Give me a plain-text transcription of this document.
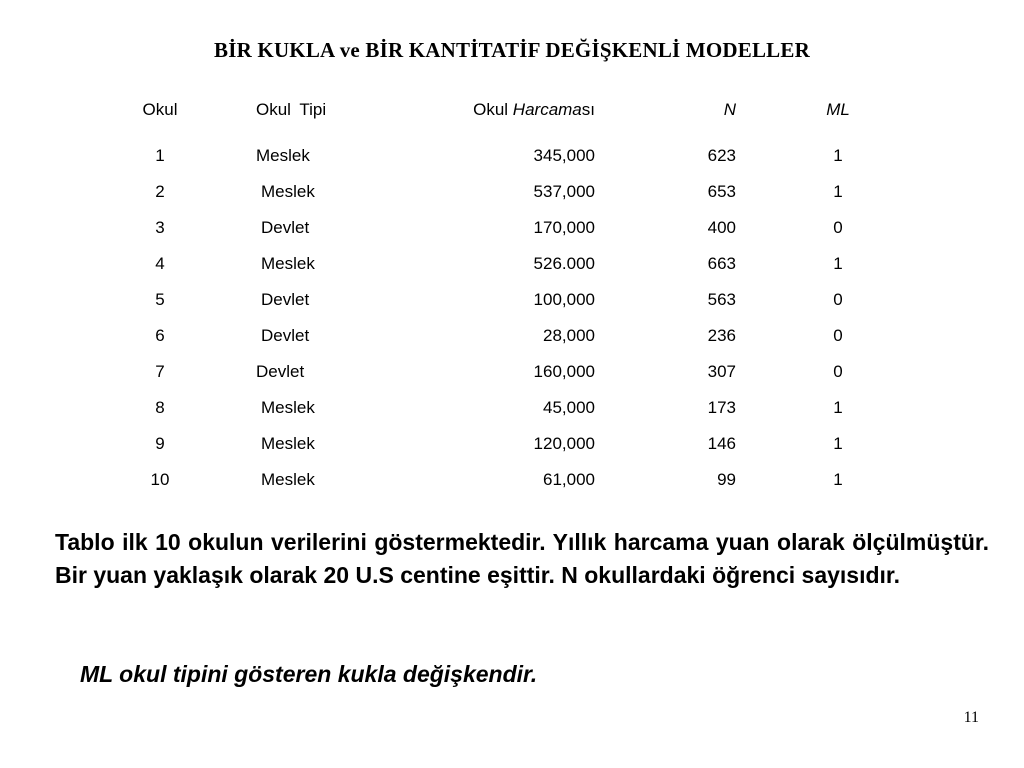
BİR KUKLA ve BİR KANTİTATİF DEĞİŞKENLİ MODELLER
Okul	Okul Tipi	Okul Harcaması	N	ML
1	Meslek	345,000	623	1
2	Meslek	537,000	653	1
3	Devlet	170,000	400	0
4	Meslek	526.000	663	1
5	Devlet	100,000	563	0
6	Devlet	28,000	236	0
7	Devlet	160,000	307	0
8	Meslek	45,000	173	1
9	Meslek	120,000	146	1
10	Meslek	61,000	99	1
Tablo ilk 10 okulun verilerini göstermektedir. Yıllık harcama yuan olarak ölçülmüştür. Bir yuan yaklaşık olarak 20 U.S centine eşittir. N okullardaki öğrenci sayısıdır.
ML okul tipini gösteren kukla değişkendir.
11
